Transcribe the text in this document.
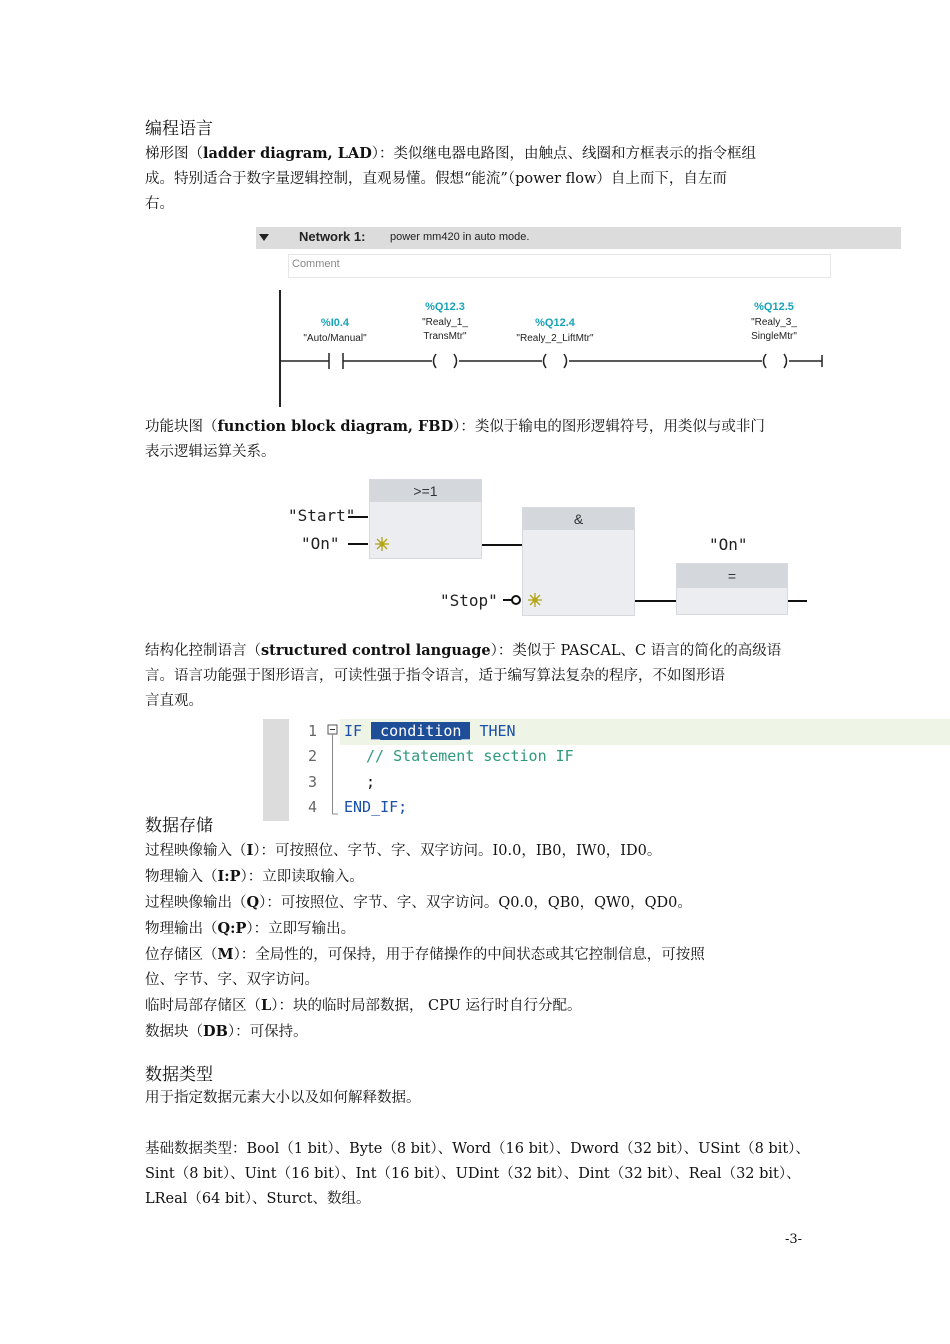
编程语言
梯形图（ladder diagram, LAD）：类似继电器电路图，由触点、线圈和方框表示的指令框组
成。特别适合于数字量逻辑控制，直观易懂。假想“能流”（power flow）自上而下，自左而
右。
Network 1: power mm420 in auto mode.
Comment
%I0.4
"Auto/Manual"
%Q12.3
"Realy_1_
TransMtr"
%Q12.4
"Realy_2_LiftMtr"
%Q12.5
"Realy_3_
SingleMtr"
功能块图（function block diagram, FBD）：类似于输电的图形逻辑符号，用类似与或非门
表示逻辑运算关系。
>=1
&
=
"Start"
"On"
"Stop"
"On"
结构化控制语言（structured control language）：类似于 PASCAL、C 语言的简化的高级语
言。语言功能强于图形语言，可读性强于指令语言，适于编写算法复杂的程序，不如图形语
言直观。
1
2
3
4
IF _condition_ THEN
// Statement section IF
;
END_IF;
数据存储
过程映像输入（I）：可按照位、字节、字、双字访问。I0.0，IB0，IW0，ID0。
物理输入（I:P）：立即读取输入。
过程映像输出（Q）：可按照位、字节、字、双字访问。Q0.0，QB0，QW0，QD0。
物理输出（Q:P）：立即写输出。
位存储区（M）：全局性的，可保持，用于存储操作的中间状态或其它控制信息，可按照
位、字节、字、双字访问。
临时局部存储区（L）：块的临时局部数据， CPU 运行时自行分配。
数据块（DB）：可保持。
数据类型
用于指定数据元素大小以及如何解释数据。
基础数据类型：Bool（1 bit）、Byte（8 bit）、Word（16 bit）、Dword（32 bit）、USint（8 bit）、
Sint（8 bit）、Uint（16 bit）、Int（16 bit）、UDint（32 bit）、Dint（32 bit）、Real（32 bit）、
LReal（64 bit）、Sturct、数组。
-3-
